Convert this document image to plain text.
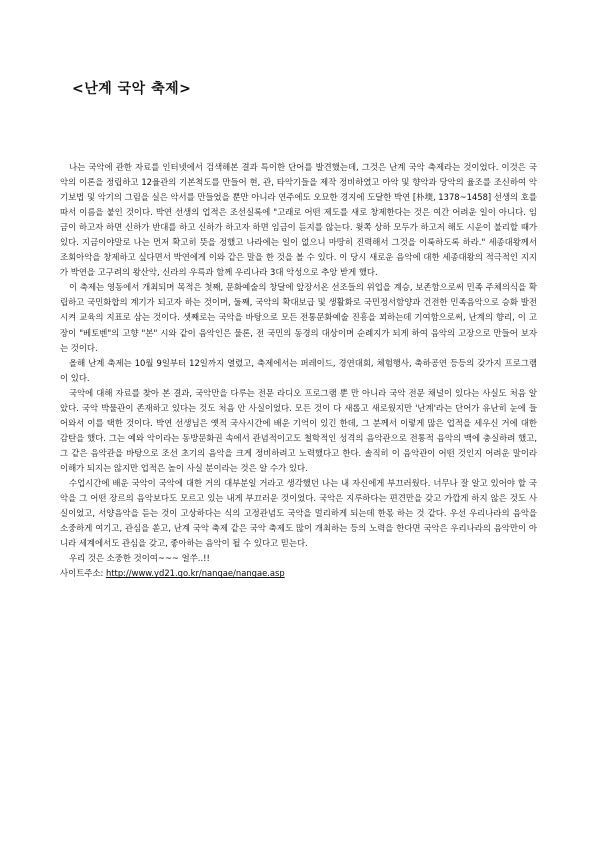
<난계 국악 축제>

나는 국악에 관한 자료를 인터넷에서 검색해본 결과 특이한 단어를 발견했는데, 그것은 난계 국악 축제라는 것이었다. 이것은 국악의 이론을 정립하고 12율관의 기본척도를 만들어 현, 관, 타악기들을 제작 정비하였고 아악 및 향악과 당악의 율조를 조신하여 악기보법 및 악기의 그림을 실은 악서를 만들었을 뿐만 아니라 연주에도 오묘한 경지에 도달한 박연 [朴堧, 1378~1458] 선생의 호를 따서 이름을 붙인 것이다. 박연 선생의 업적은 조선실록에 "고래로 어떤 제도를 새로 창제한다는 것은 여간 어려운 일이 아니다. 임금이 하고자 하면 신하가 반대를 하고 신하가 하고자 하면 임금이 듣지를 않는다. 윗쪽 상하 모두가 하고저 해도 시운이 불리할 때가 있다. 지금이야말로 나는 먼저 확고히 뜻을 정했고 나라에는 일이 없으니 마땅히 진력해서 그것을 이룩하도록 하라." 세종대왕께서 조회아악을 창제하고 싶다면서 박연에게 이와 같은 말을 한 것을 볼 수 있다. 이 당시 새로운 음악에 대한 세종대왕의 적극적인 지지가 박연을 고구려의 왕산악, 신라의 우륵과 함께 우리나라 3대 악성으로 추앙 받게 했다.

이 축제는 영동에서 개최되며 목적은 첫째, 문화예술의 창달에 앞장서온 선조들의 위업을 계승, 보존함으로써 민족 주체의식을 확립하고 국민화합의 계기가 되고자 하는 것이며, 둘째, 국악의 확대보급 및 생활화로 국민정서함양과 건전한 민족음악으로 승화 발전시켜 교육의 지표로 삼는 것이다. 셋째로는 국악을 바탕으로 모든 전통문화예술 진흥을 꾀하는데 기여함으로써, 난계의 향리, 이 고장이 "베토벤"의 고향 "본" 시와 같이 음악인은 물론, 전 국민의 동경의 대상이며 순례지가 되게 하여 음악의 고장으로 만들어 보자는 것이다.

올해 난계 축제는 10월 9일부터 12일까지 열렸고, 축제에서는 퍼레이드, 경연대회, 체험행사, 축하공연 등등의 갖가지 프로그램이 있다.

국악에 대해 자료를 찾아 본 결과, 국악만을 다루는 전문 라디오 프로그램 뿐 만 아니라 국악 전문 채널이 있다는 사실도 처음 알았다. 국악 박물관이 존재하고 있다는 것도 처음 안 사실이었다. 모든 것이 다 새롭고 새로웠지만 '난계'라는 단어가 유난히 눈에 들어와서 이를 택한 것이다. 박연 선생님은 옛적 국사시간에 배운 기억이 있긴 한데, 그 분께서 이렇게 많은 업적을 세우신 거에 대한 감탄을 했다. 그는 예와 악이라는 동방문화권 속에서 관념적이고도 철학적인 성격의 음악관으로 전통적 음악의 맥에 충실하려 했고, 그 같은 음악관을 바탕으로 조선 초기의 음악을 크게 정비하려고 노력했다고 한다. 솔직히 이 음악관이 어떤 것인지 어려운 말이라 이해가 되지는 않지만 업적은 높이 사실 분이라는 것은 알 수가 있다.

수업시간에 배운 국악이 국악에 대한 거의 대부분일 거라고 생각했던 나는 내 자신에게 부끄러웠다. 너무나 잘 알고 있어야 할 국악을 그 어떤 장르의 음악보다도 모르고 있는 내게 부끄러운 것이었다. 국악은 지루하다는 편견만을 갖고 가깝게 하지 않은 것도 사실이었고, 서양음악을 듣는 것이 고상하다는 식의 고정관념도 국악을 멀리하게 되는데 한몫 하는 것 같다. 우선 우리나라의 음악을 소중하게 여기고, 관심을 쏟고, 난계 국악 축제 같은 국악 축제도 많이 개최하는 등의 노력을 한다면 국악은 우리나라의 음악만이 아니라 세계에서도 관심을 갖고, 좋아하는 음악이 될 수 있다고 믿는다.

우리 것은 소중한 것이여~~~ 얼쑤..!!

사이트주소: http://www.yd21.go.kr/nangae/nangae.asp
